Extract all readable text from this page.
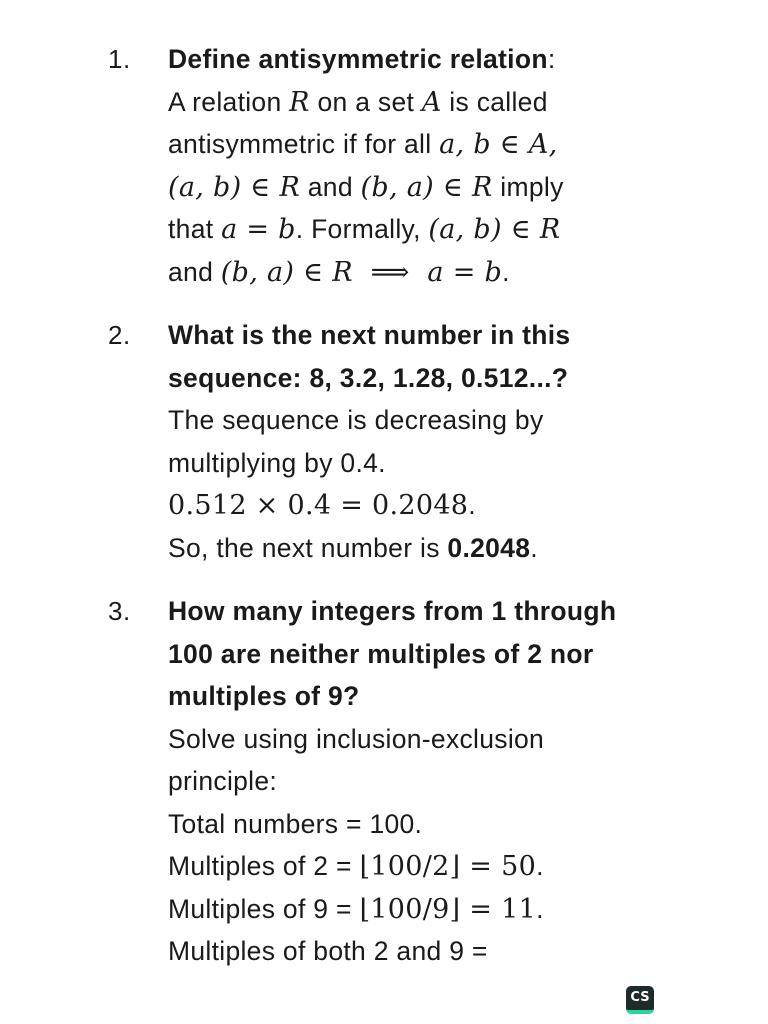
1. Define antisymmetric relation:
A relation R on a set A is called
antisymmetric if for all a, b ∈ A,
(a, b) ∈ R and (b, a) ∈ R imply
that a = b. Formally, (a, b) ∈ R
and (b, a) ∈ R  ⟹  a = b.
2. What is the next number in this
sequence: 8, 3.2, 1.28, 0.512...?
The sequence is decreasing by
multiplying by 0.4.
0.512 × 0.4 = 0.2048.
So, the next number is 0.2048.
3. How many integers from 1 through
100 are neither multiples of 2 nor
multiples of 9?
Solve using inclusion-exclusion
principle:
Total numbers = 100.
Multiples of 2 = ⌊100/2⌋ = 50.
Multiples of 9 = ⌊100/9⌋ = 11.
Multiples of both 2 and 9 =
CS
